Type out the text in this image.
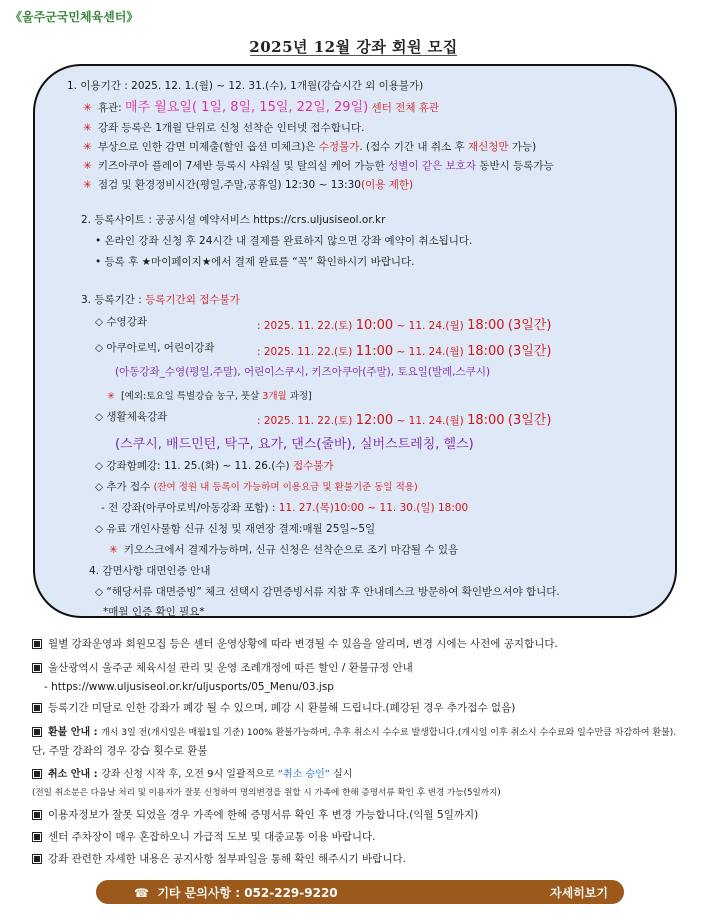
《울주군국민체육센터》
2025년 12월 강좌 회원 모집
1. 이용기간 : 2025. 12. 1.(월) ~ 12. 31.(수), 1개월(강습시간 외 이용불가)
✳ 휴관: 매주 월요일( 1일, 8일, 15일, 22일, 29일) 센터 전체 휴관
✳ 강좌 등록은 1개월 단위로 신청 선착순 인터넷 접수합니다.
✳ 부상으로 인한 감면 미제출(할인 옵션 미체크)은 수정불가. (접수 기간 내 취소 후 재신청만 가능)
✳ 키즈아쿠아 플레이 7세반 등록시 샤워실 및 탈의실 케어 가능한 성별이 같은 보호자 동반시 등록가능
✳ 점검 및 환경정비시간(평일,주말,공휴일) 12:30 ~ 13:30(이용 제한)
2. 등록사이트 : 공공시설 예약서비스 https://crs.uljusiseol.or.kr
• 온라인 강좌 신청 후 24시간 내 결제를 완료하지 않으면 강좌 예약이 취소됩니다.
• 등록 후 ★마이페이지★에서 결제 완료를 “꼭” 확인하시기 바랍니다.
3. 등록기간 : 등록기간외 접수불가
◇ 수영강좌	: 2025. 11. 22.(토) 10:00 ~ 11. 24.(월) 18:00 (3일간)
◇ 아쿠아로빅, 어린이강좌	: 2025. 11. 22.(토) 11:00 ~ 11. 24.(월) 18:00 (3일간)
(아동강좌_수영(평일,주말), 어린이스쿠시, 키즈아쿠아(주말), 토요일(발레,스쿠시)
✳ [예외:토요일 특별강습 농구, 풋살 3개월 과정]
◇ 생활체육강좌	: 2025. 11. 22.(토) 12:00 ~ 11. 24.(월) 18:00 (3일간)
(스쿠시, 배드민턴, 탁구, 요가, 댄스(줄바), 실버스트레칭, 헬스)
◇ 강좌함폐강: 11. 25.(화) ~ 11. 26.(수) 접수불가
◇ 추가 접수 (잔여 정원 내 등록이 가능하며 이용요금 및 환불기준 동일 적용)
- 전 강좌(아쿠아로빅/아동강좌 포함) : 11. 27.(목)10:00 ~ 11. 30.(일) 18:00
◇ 유료 개인사물함 신규 신청 및 재연장 결제:매월 25일~5일
✳ 키오스크에서 결제가능하며, 신규 신청은 선착순으로 조기 마감될 수 있음
4. 감면사항 대면인증 안내
◇ “해당서류 대면증빙” 체크 선택시 감면증빙서류 지참 후 안내데스크 방문하여 확인받으셔야 합니다.
*매월 인증 확인 필요*
월별 강좌운영과 회원모집 등은 센터 운영상황에 따라 변경될 수 있음을 알리며, 변경 시에는 사전에 공지합니다.
울산광역시 울주군 체육시설 관리 및 운영 조례개정에 따른 할인 / 환불규정 안내
- https://www.uljusiseol.or.kr/uljusports/05_Menu/03.jsp
등록기간 미달로 인한 강좌가 폐강 될 수 있으며, 폐강 시 환불해 드립니다.(폐강된 경우 추가접수 없음)
환불 안내 : 개시 3일 전(개시일은 매월1일 기준) 100% 환불가능하며, 추후 취소시 수수료 발생합니다.(개시일 이후 취소시 수수료와 일수만큼 차감하여 환불).
단, 주말 강좌의 경우 강습 횟수로 환불
취소 안내 : 강좌 신청 시작 후, 오전 9시 일괄적으로 “취소 승인” 실시
(전일 취소분은 다음날 처리 및 이용자가 잘못 신청하여 명의변경을 원할 시 가족에 한해 증명서류 확인 후 변경 가능(5일까지)
이용자정보가 잘못 되었을 경우 가족에 한해 증명서류 확인 후 변경 가능합니다.(익월 5일까지)
센터 주차장이 매우 혼잡하오니 가급적 도보 및 대중교통 이용 바랍니다.
강좌 관련한 자세한 내용은 공지사항 첨부파일을 통해 확인 해주시기 바랍니다.
☎ 기타 문의사항 : 052-229-9220	자세히보기
